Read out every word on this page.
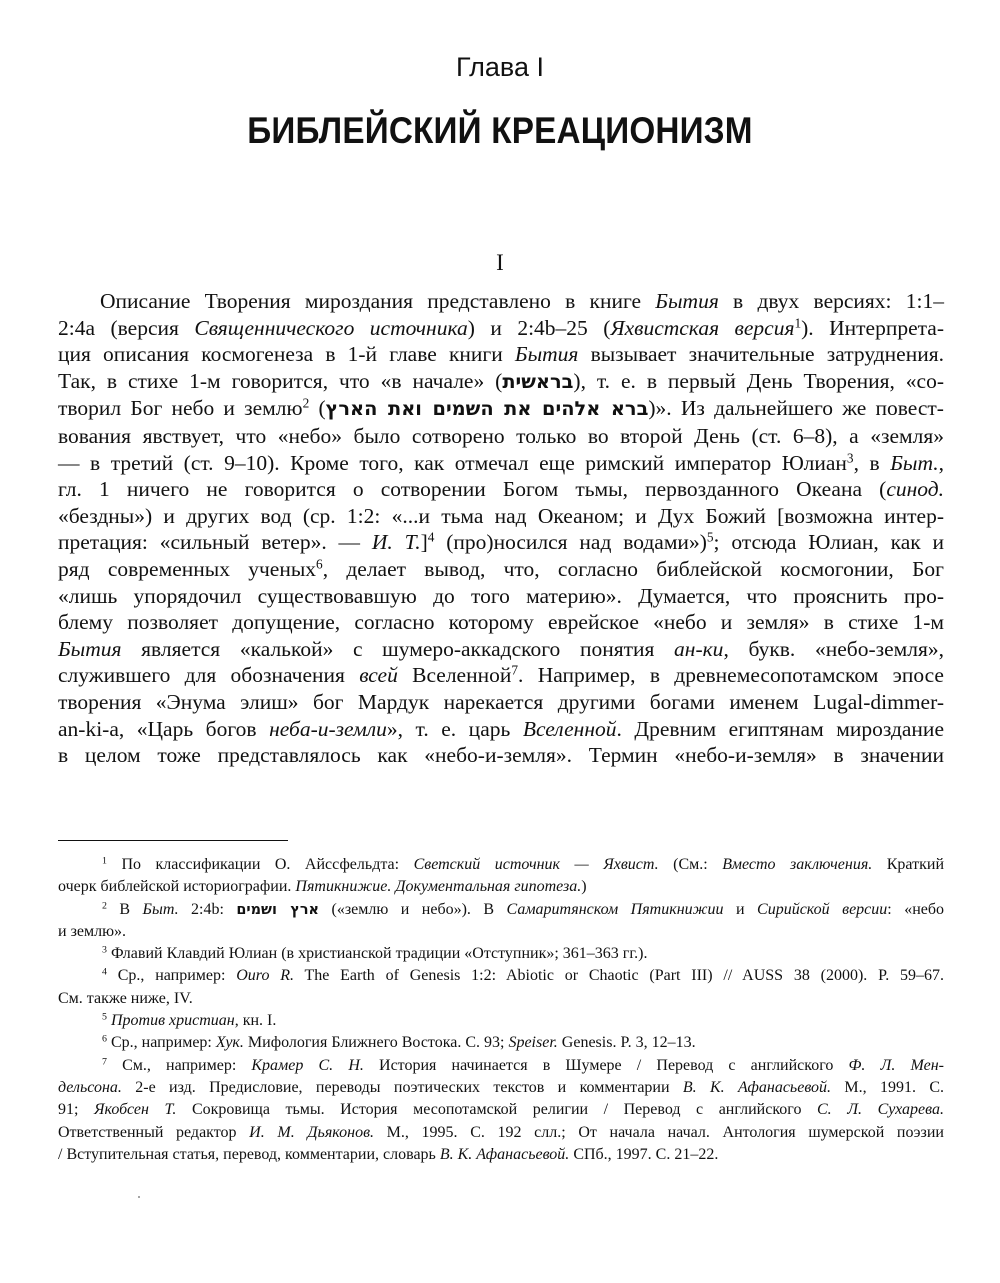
Глава I
БИБЛЕЙСКИЙ КРЕАЦИОНИЗМ
I
Описание Творения мироздания представлено в книге Бытия в двух версиях: 1:1–
2:4a (версия Священнического источника) и 2:4b–25 (Яхвистская версия$^1$). Интерпрета-
ция описания космогенеза в 1-й главе книги Бытия вызывает значительные затруднения.
Так, в стихе 1-м говорится, что «в начале» (בראשית), т. е. в первый День Творения, «со-
творил Бог небо и землю$^2$ (ברא אלהים את השמים ואת הארץ)». Из дальнейшего же повест-
вования явствует, что «небо» было сотворено только во второй День (ст. 6–8), а «земля»
— в третий (ст. 9–10). Кроме того, как отмечал еще римский император Юлиан$^3$, в Быт.,
гл. 1 ничего не говорится о сотворении Богом тьмы, первозданного Океана (синод.
«бездны») и других вод (ср. 1:2: «...и тьма над Океаном; и Дух Божий [возможна интер-
претация: «сильный ветер». — И. Т.]$^4$ (про)носился над водами»)$^5$; отсюда Юлиан, как и
ряд современных ученых$^6$, делает вывод, что, согласно библейской космогонии, Бог
«лишь упорядочил существовавшую до того материю». Думается, что прояснить про-
блему позволяет допущение, согласно которому еврейское «небо и земля» в стихе 1-м
Бытия является «калькой» с шумеро-аккадского понятия ан-ки, букв. «небо-земля»,
служившего для обозначения всей Вселенной$^7$. Например, в древнемесопотамском эпосе
творения «Энума элиш» бог Мардук нарекается другими богами именем Lugal-dimmer-
an-ki-a, «Царь богов неба-и-земли», т. е. царь Вселенной. Древним египтянам мироздание
в целом тоже представлялось как «небо-и-земля». Термин «небо-и-земля» в значении
$^1$ По классификации О. Айссфельдта: Светский источник — Яхвист. (См.: Вместо заключения. Краткий
очерк библейской историографии. Пятикнижие. Документальная гипотеза.)
$^2$ В Быт. 2:4b: ארץ ושמים («землю и небо»). В Самаритянском Пятикнижии и Сирийской версии: «небо
и землю».
$^3$ Флавий Клавдий Юлиан (в христианской традиции «Отступник»; 361–363 гг.).
$^4$ Ср., например: Ouro R. The Earth of Genesis 1:2: Abiotic or Chaotic (Part III) // AUSS 38 (2000). P. 59–67.
См. также ниже, IV.
$^5$ Против христиан, кн. I.
$^6$ Ср., например: Хук. Мифология Ближнего Востока. С. 93; Speiser. Genesis. P. 3, 12–13.
$^7$ См., например: Крамер С. Н. История начинается в Шумере / Перевод с английского Ф. Л. Мен-
дельсона. 2-е изд. Предисловие, переводы поэтических текстов и комментарии В. К. Афанасьевой. М., 1991. С.
91; Якобсен Т. Сокровища тьмы. История месопотамской религии / Перевод с английского С. Л. Сухарева.
Ответственный редактор И. М. Дьяконов. М., 1995. С. 192 слл.; От начала начал. Антология шумерской поэзии
/ Вступительная статья, перевод, комментарии, словарь В. К. Афанасьевой. СПб., 1997. С. 21–22.
